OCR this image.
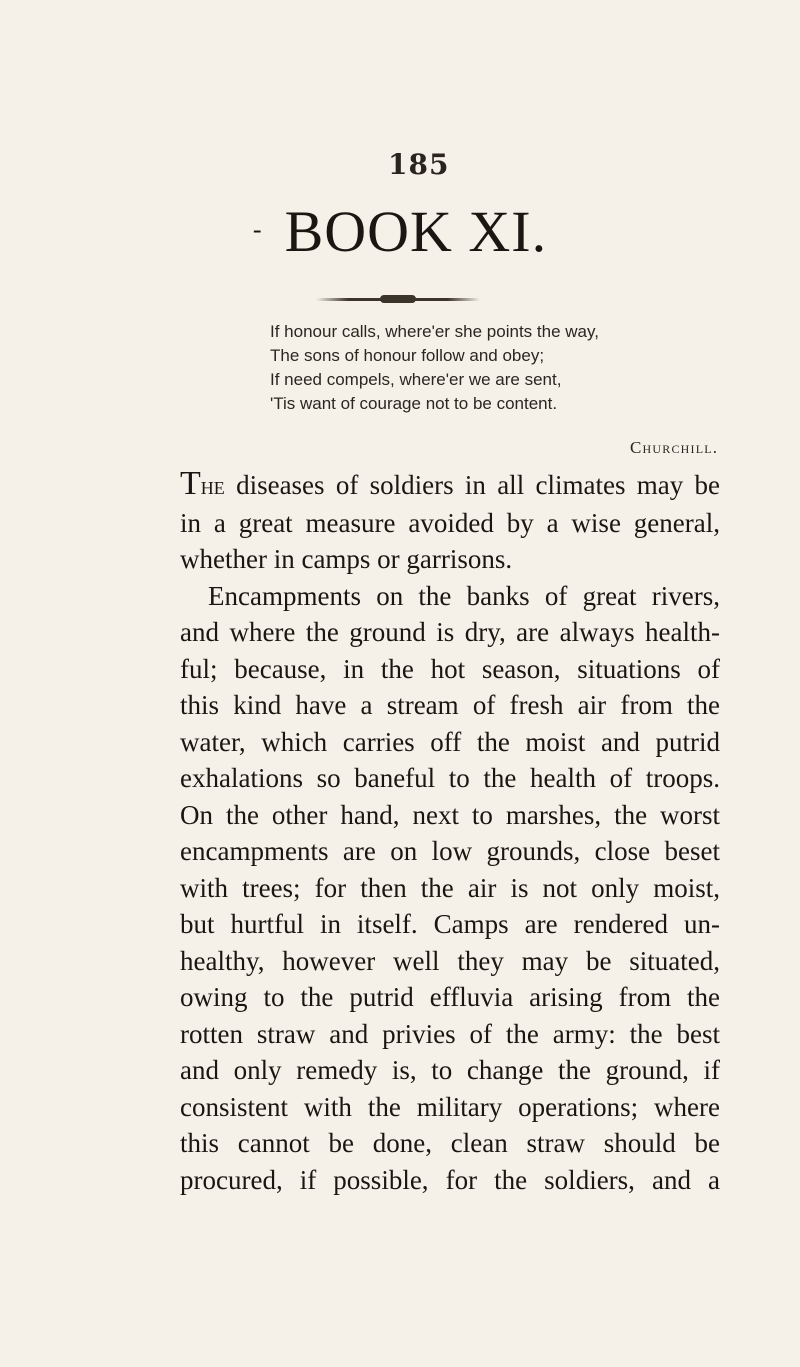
185
- BOOK XI.
If honour calls, where'er she points the way,
The sons of honour follow and obey;
If need compels, where'er we are sent,
'Tis want of courage not to be content.
Churchill.
The diseases of soldiers in all climates may be
in a great measure avoided by a wise general,
whether in camps or garrisons.
Encampments on the banks of great rivers,
and where the ground is dry, are always health-
ful; because, in the hot season, situations of
this kind have a stream of fresh air from the
water, which carries off the moist and putrid
exhalations so baneful to the health of troops.
On the other hand, next to marshes, the worst
encampments are on low grounds, close beset
with trees; for then the air is not only moist,
but hurtful in itself. Camps are rendered un-
healthy, however well they may be situated,
owing to the putrid effluvia arising from the
rotten straw and privies of the army: the best
and only remedy is, to change the ground, if
consistent with the military operations; where
this cannot be done, clean straw should be
procured, if possible, for the soldiers, and a
